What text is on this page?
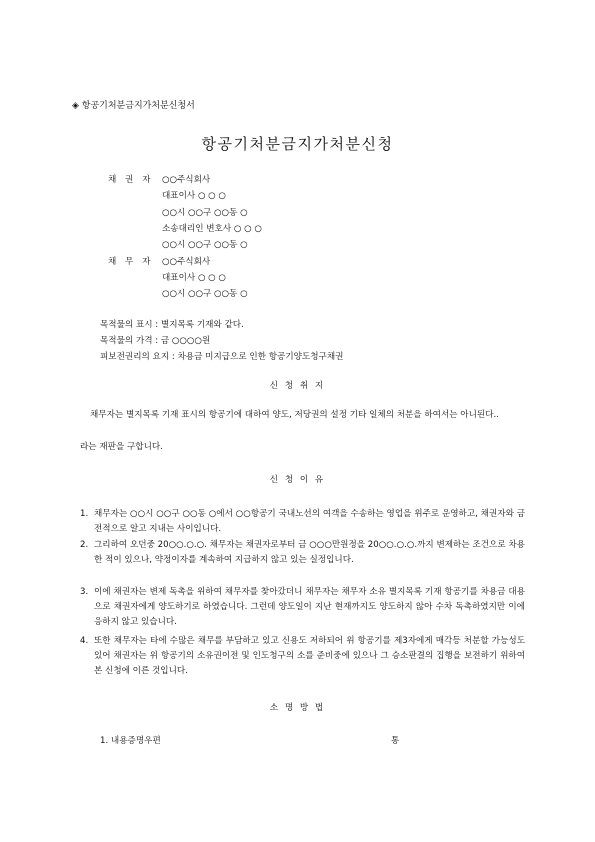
◈ 항공기처분금지가처분신청서
항공기처분금지가처분신청
채 권 자 ○○주식회사
대표이사 ○ ○ ○
○○시 ○○구 ○○동 ○
소송대리인 변호사 ○ ○ ○
○○시 ○○구 ○○동 ○
채 무 자 ○○주식회사
대표이사 ○ ○ ○
○○시 ○○구 ○○동 ○
목적물의 표시 : 별지목록 기재와 같다.
목적물의 가격 : 금 ○○○○원
피보전권리의 요지 : 차용금 미지급으로 인한 항공기양도청구채권
신 청 취 지
채무자는 별지목록 기재 표시의 항공기에 대하여 양도, 저당권의 설정 기타 일체의 처분을 하여서는 아니된다..
라는 재판을 구합니다.
신 청 이 유
1. 채무자는 ○○시 ○○구 ○○동 ○에서 ○○항공기 국내노선의 여객을 수송하는 영업을 위주로 운영하고, 채권자와 금전적으로 알고 지내는 사이입니다.
2. 그리하여 오던중 20○○.○.○. 채무자는 채권자로부터 금 ○○○만원정을 20○○.○.○.까지 변제하는 조건으로 차용한 적이 있으나, 약정이자를 계속하여 지급하지 않고 있는 실정입니다.
3. 이에 채권자는 변제 독촉을 위하여 채무자를 찾아갔더니 채무자는 채무자 소유 별지목록 기재 항공기를 차용금 대용으로 채권자에게 양도하기로 하였습니다. 그런데 양도일이 지난 현재까지도 양도하지 않아 수차 독촉하였지만 이에 응하지 않고 있습니다.
4. 또한 채무자는 타에 수많은 채무를 부담하고 있고 신용도 저하되어 위 항공기를 제3자에게 매각등 처분할 가능성도 있어 채권자는 위 항공기의 소유권이전 및 인도청구의 소를 준비중에 있으나 그 승소판결의 집행을 보전하기 위하여 본 신청에 이른 것입니다.
소 명 방 법
1. 내용증명우편	통
